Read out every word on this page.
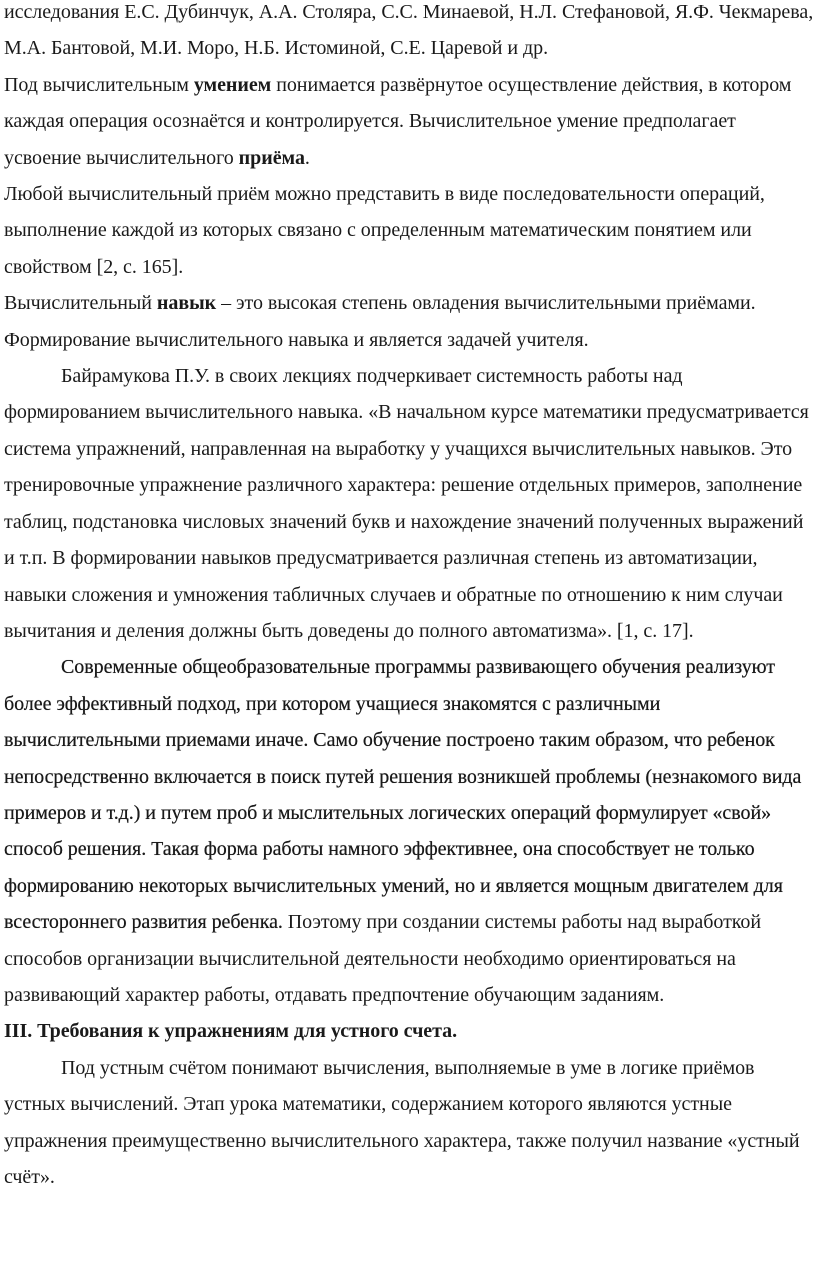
исследования Е.С. Дубинчук, А.А. Столяра, С.С. Минаевой, Н.Л. Стефановой, Я.Ф. Чекмарева, М.А. Бантовой, М.И. Моро, Н.Б. Истоминой, С.Е. Царевой и др.

Под вычислительным умением понимается развёрнутое осуществление действия, в котором каждая операция осознаётся и контролируется. Вычислительное умение предполагает усвоение вычислительного приёма.

Любой вычислительный приём можно представить в виде последовательности операций, выполнение каждой из которых связано с определенным математическим понятием или свойством [2, с. 165].

Вычислительный навык – это высокая степень овладения вычислительными приёмами. Формирование вычислительного навыка и является задачей учителя.

Байрамукова П.У. в своих лекциях подчеркивает системность работы над формированием вычислительного навыка. «В начальном курсе математики предусматривается система упражнений, направленная на выработку у учащихся вычислительных навыков. Это тренировочные упражнение различного характера: решение отдельных примеров, заполнение таблиц, подстановка числовых значений букв и нахождение значений полученных выражений и т.п. В формировании навыков предусматривается различная степень из автоматизации, навыки сложения и умножения табличных случаев и обратные по отношению к ним случаи вычитания и деления должны быть доведены до полного автоматизма». [1, с. 17].

Современные общеобразовательные программы развивающего обучения реализуют более эффективный подход, при котором учащиеся знакомятся с различными вычислительными приемами иначе. Само обучение построено таким образом, что ребенок непосредственно включается в поиск путей решения возникшей проблемы (незнакомого вида примеров и т.д.) и путем проб и мыслительных логических операций формулирует «свой» способ решения. Такая форма работы намного эффективнее, она способствует не только формированию некоторых вычислительных умений, но и является мощным двигателем для всестороннего развития ребенка. Поэтому при создании системы работы над выработкой способов организации вычислительной деятельности необходимо ориентироваться на развивающий характер работы, отдавать предпочтение обучающим заданиям.

III. Требования к упражнениям для устного счета.

Под устным счётом понимают вычисления, выполняемые в уме в логике приёмов устных вычислений. Этап урока математики, содержанием которого являются устные упражнения преимущественно вычислительного характера, также получил название «устный счёт».
